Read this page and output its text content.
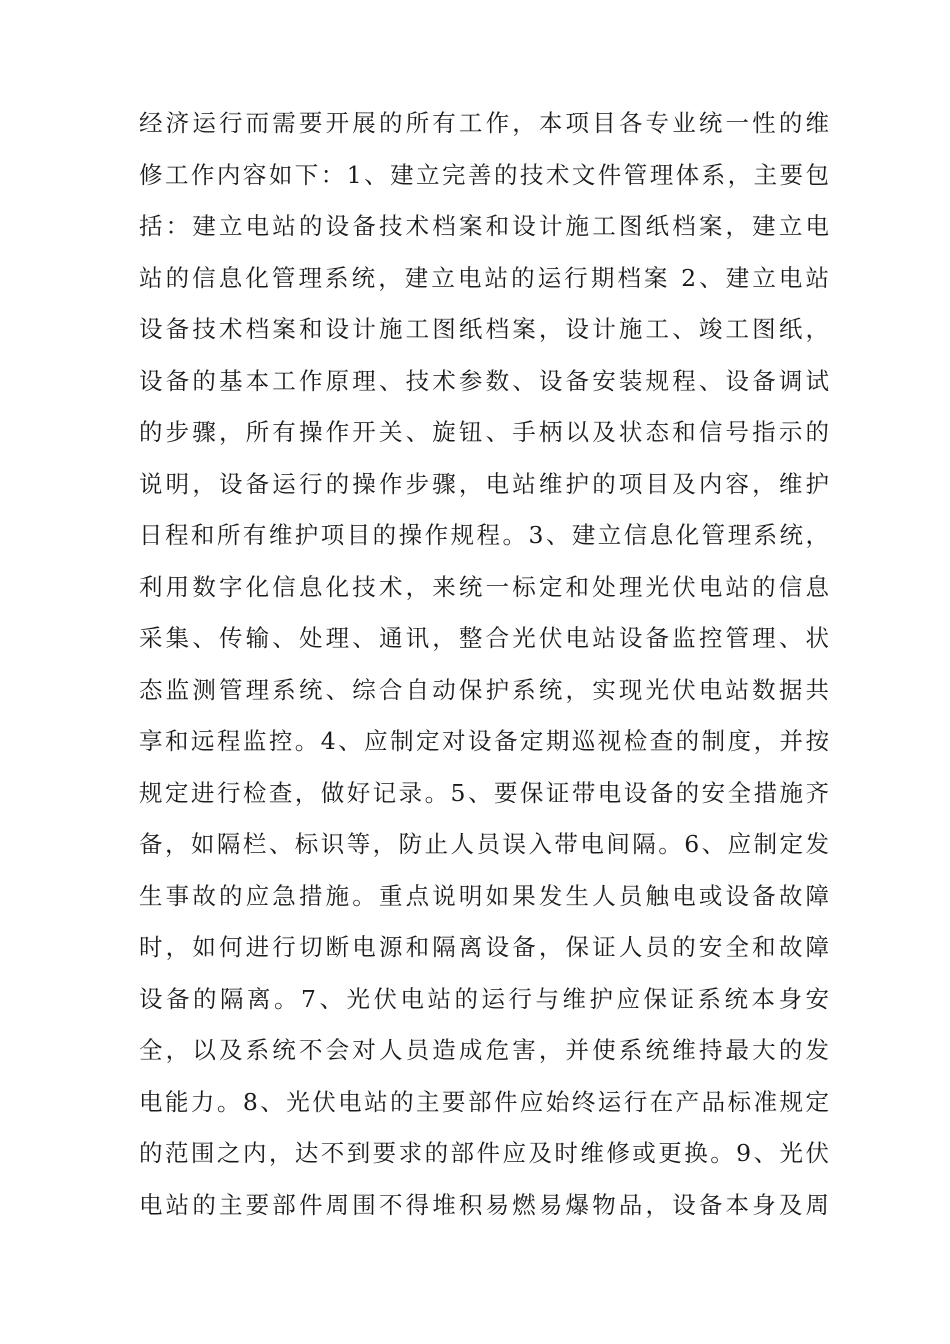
经济运行而需要开展的所有工作，本项目各专业统一性的维
修工作内容如下：1、建立完善的技术文件管理体系，主要包
括：建立电站的设备技术档案和设计施工图纸档案，建立电
站的信息化管理系统，建立电站的运行期档案 2、建立电站
设备技术档案和设计施工图纸档案，设计施工、竣工图纸，
设备的基本工作原理、技术参数、设备安装规程、设备调试
的步骤，所有操作开关、旋钮、手柄以及状态和信号指示的
说明，设备运行的操作步骤，电站维护的项目及内容，维护
日程和所有维护项目的操作规程。3、建立信息化管理系统，
利用数字化信息化技术，来统一标定和处理光伏电站的信息
采集、传输、处理、通讯，整合光伏电站设备监控管理、状
态监测管理系统、综合自动保护系统，实现光伏电站数据共
享和远程监控。4、应制定对设备定期巡视检查的制度，并按
规定进行检查，做好记录。5、要保证带电设备的安全措施齐
备，如隔栏、标识等，防止人员误入带电间隔。6、应制定发
生事故的应急措施。重点说明如果发生人员触电或设备故障
时，如何进行切断电源和隔离设备，保证人员的安全和故障
设备的隔离。7、光伏电站的运行与维护应保证系统本身安
全，以及系统不会对人员造成危害，并使系统维持最大的发
电能力。8、光伏电站的主要部件应始终运行在产品标准规定
的范围之内，达不到要求的部件应及时维修或更换。9、光伏
电站的主要部件周围不得堆积易燃易爆物品，设备本身及周
